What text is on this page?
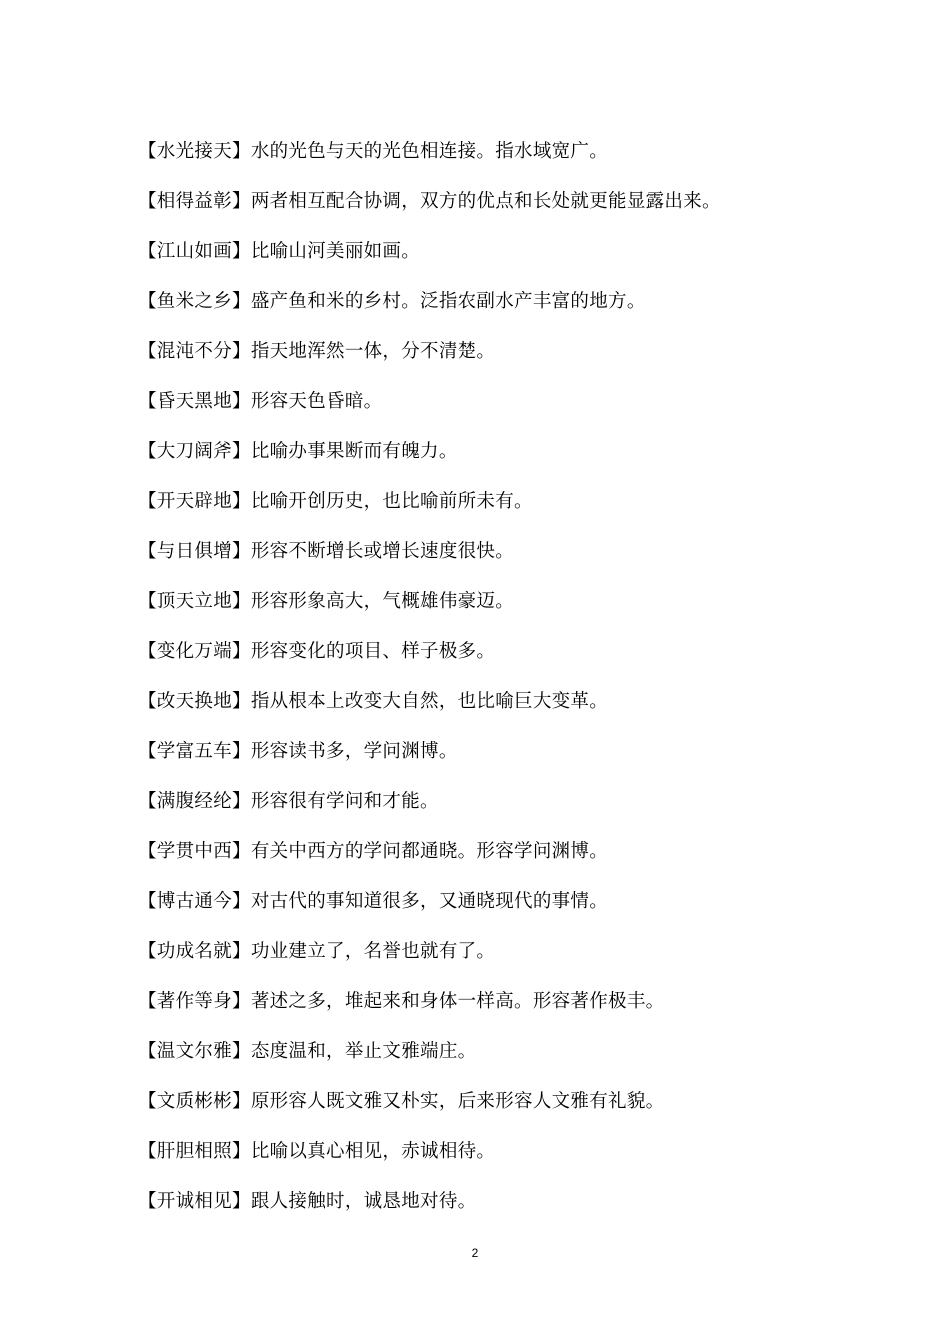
【水光接天】水的光色与天的光色相连接。指水域宽广。
【相得益彰】两者相互配合协调，双方的优点和长处就更能显露出来。
【江山如画】比喻山河美丽如画。
【鱼米之乡】盛产鱼和米的乡村。泛指农副水产丰富的地方。
【混沌不分】指天地浑然一体，分不清楚。
【昏天黑地】形容天色昏暗。
【大刀阔斧】比喻办事果断而有魄力。
【开天辟地】比喻开创历史，也比喻前所未有。
【与日俱增】形容不断增长或增长速度很快。
【顶天立地】形容形象高大，气概雄伟豪迈。
【变化万端】形容变化的项目、样子极多。
【改天换地】指从根本上改变大自然，也比喻巨大变革。
【学富五车】形容读书多，学问渊博。
【满腹经纶】形容很有学问和才能。
【学贯中西】有关中西方的学问都通晓。形容学问渊博。
【博古通今】对古代的事知道很多，又通晓现代的事情。
【功成名就】功业建立了，名誉也就有了。
【著作等身】著述之多，堆起来和身体一样高。形容著作极丰。
【温文尔雅】态度温和，举止文雅端庄。
【文质彬彬】原形容人既文雅又朴实，后来形容人文雅有礼貌。
【肝胆相照】比喻以真心相见，赤诚相待。
【开诚相见】跟人接触时，诚恳地对待。
2
